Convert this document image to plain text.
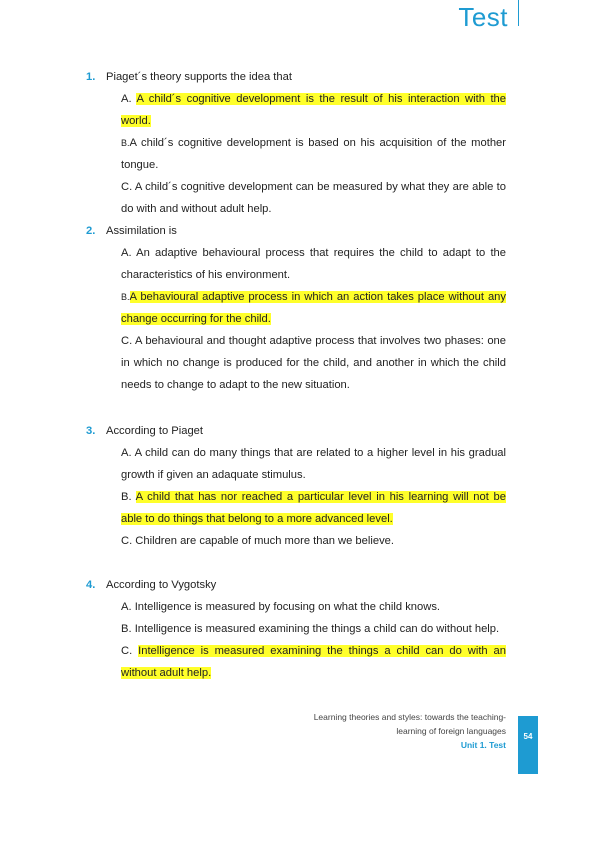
Test
1. Piaget´s theory supports the idea that
A. A child´s cognitive development is the result of his interaction with the world.
B.A child´s cognitive development is based on his acquisition of the mother tongue.
C. A child´s cognitive development can be measured by what they are able to do with and without adult help.
2. Assimilation is
A. An adaptive behavioural process that requires the child to adapt to the characteristics of his environment.
B.A behavioural adaptive process in which an action takes place without any change occurring for the child.
C. A behavioural and thought adaptive process that involves two phases: one in which no change is produced for the child, and another in which the child needs to change to adapt to the new situation.
3. According to Piaget
A. A child can do many things that are related to a higher level in his gradual growth if given an adaquate stimulus.
B. A child that has nor reached a particular level in his learning will not be able to do things that belong to a more advanced level.
C. Children are capable of much more than we believe.
4. According to Vygotsky
A. Intelligence is measured by focusing on what the child knows.
B. Intelligence is measured examining the things a child can do without help.
C. Intelligence is measured examining the things a child can do with an without adult help.
Learning theories and styles: towards the teaching-
learning of foreign languages
Unit 1. Test
54
